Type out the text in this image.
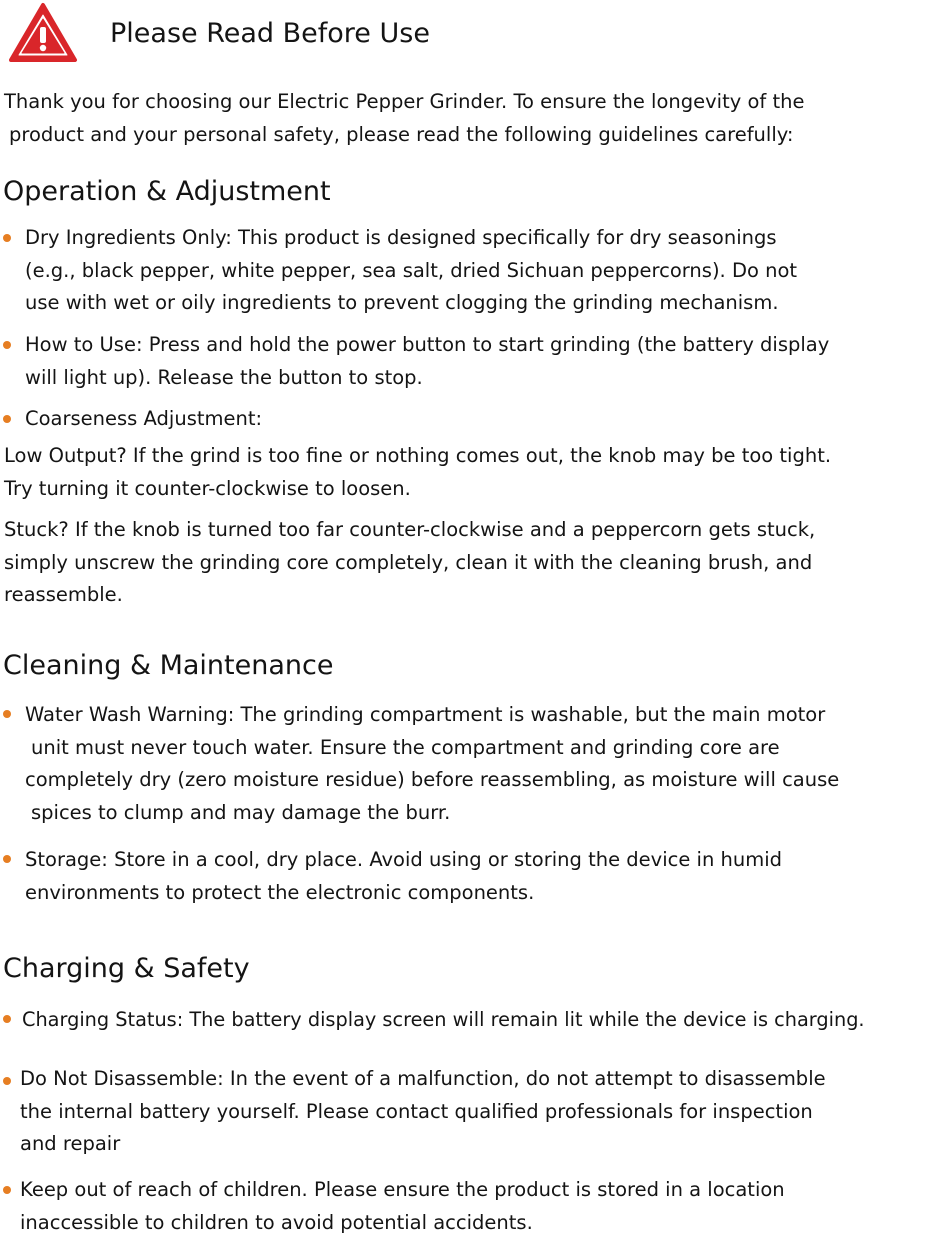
Please Read Before Use

Thank you for choosing our Electric Pepper Grinder. To ensure the longevity of the
product and your personal safety, please read the following guidelines carefully:

Operation & Adjustment
Dry Ingredients Only: This product is designed specifically for dry seasonings
(e.g., black pepper, white pepper, sea salt, dried Sichuan peppercorns). Do not
use with wet or oily ingredients to prevent clogging the grinding mechanism.
How to Use: Press and hold the power button to start grinding (the battery display
will light up). Release the button to stop.
Coarseness Adjustment:

Low Output? If the grind is too fine or nothing comes out, the knob may be too tight.
Try turning it counter-clockwise to loosen.

Stuck? If the knob is turned too far counter-clockwise and a peppercorn gets stuck,
simply unscrew the grinding core completely, clean it with the cleaning brush, and
reassemble.

Cleaning & Maintenance
Water Wash Warning: The grinding compartment is washable, but the main motor
unit must never touch water. Ensure the compartment and grinding core are
completely dry (zero moisture residue) before reassembling, as moisture will cause
spices to clump and may damage the burr.
Storage: Store in a cool, dry place. Avoid using or storing the device in humid
environments to protect the electronic components.
Charging & Safety
Charging Status: The battery display screen will remain lit while the device is charging.
Do Not Disassemble: In the event of a malfunction, do not attempt to disassemble
the internal battery yourself. Please contact qualified professionals for inspection
and repair
Keep out of reach of children. Please ensure the product is stored in a location
inaccessible to children to avoid potential accidents.
